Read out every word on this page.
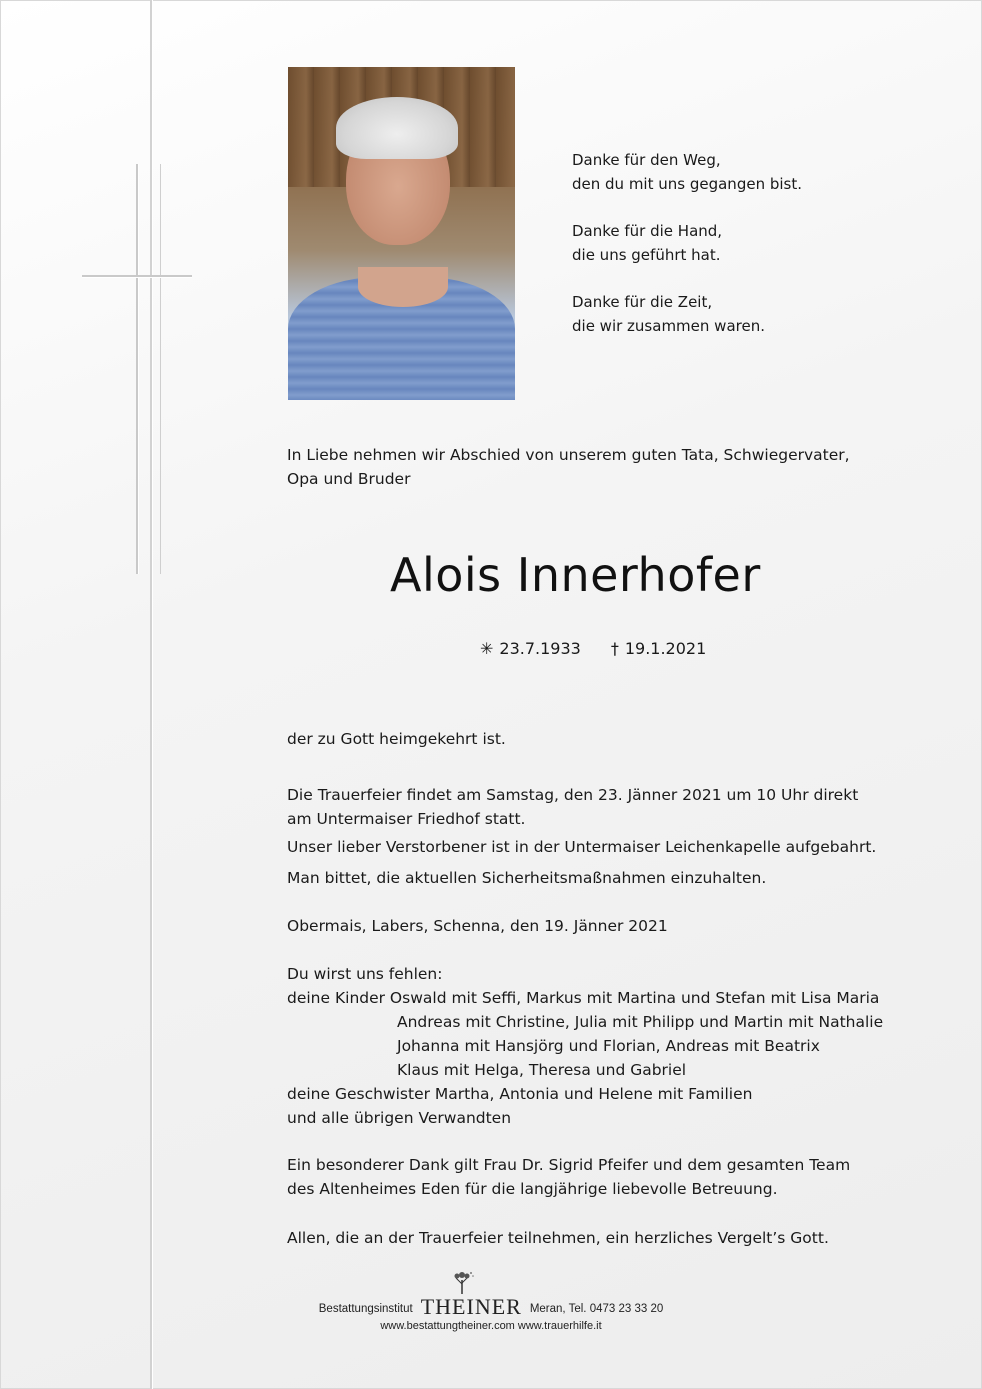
Danke für den Weg,
den du mit uns gegangen bist.

Danke für die Hand,
die uns geführt hat.

Danke für die Zeit,
die wir zusammen waren.

In Liebe nehmen wir Abschied von unserem guten Tata, Schwiegervater,
Opa und Bruder
Alois Innerhofer
✳ 23.7.1933 † 19.1.2021
der zu Gott heimgekehrt ist.
Die Trauerfeier findet am Samstag, den 23. Jänner 2021 um 10 Uhr direkt
am Untermaiser Friedhof statt.
Unser lieber Verstorbener ist in der Untermaiser Leichenkapelle aufgebahrt.
Man bittet, die aktuellen Sicherheitsmaßnahmen einzuhalten.
Obermais, Labers, Schenna, den 19. Jänner 2021
Du wirst uns fehlen:
deine Kinder Oswald mit Seffi, Markus mit Martina und Stefan mit Lisa Maria
Andreas mit Christine, Julia mit Philipp und Martin mit Nathalie
Johanna mit Hansjörg und Florian, Andreas mit Beatrix
Klaus mit Helga, Theresa und Gabriel
deine Geschwister Martha, Antonia und Helene mit Familien
und alle übrigen Verwandten
Ein besonderer Dank gilt Frau Dr. Sigrid Pfeifer und dem gesamten Team
des Altenheimes Eden für die langjährige liebevolle Betreuung.
Allen, die an der Trauerfeier teilnehmen, ein herzliches Vergelt’s Gott.
Bestattungsinstitut THEINER Meran, Tel. 0473 23 33 20
www.bestattungtheiner.com www.trauerhilfe.it
